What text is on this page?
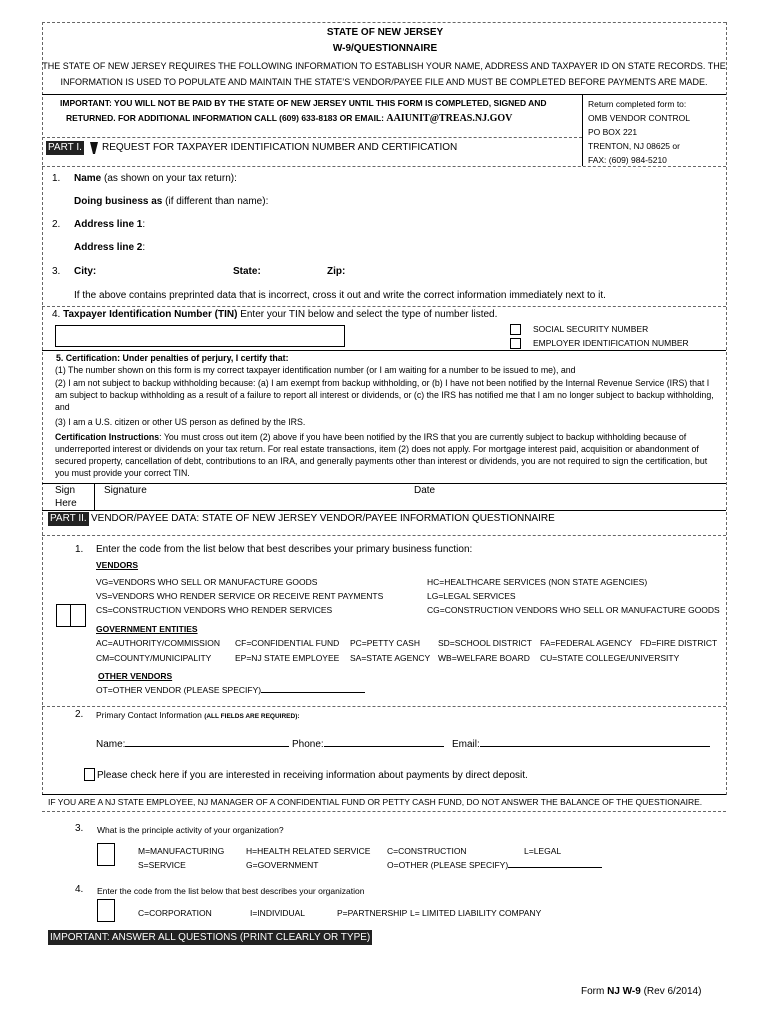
STATE OF NEW JERSEY
W-9/QUESTIONNAIRE
THE STATE OF NEW JERSEY REQUIRES THE FOLLOWING INFORMATION TO ESTABLISH YOUR NAME, ADDRESS AND TAXPAYER ID ON STATE RECORDS. THE
INFORMATION IS USED TO POPULATE AND MAINTAIN THE STATE’S VENDOR/PAYEE FILE AND MUST BE COMPLETED BEFORE PAYMENTS ARE MADE.
IMPORTANT: YOU WILL NOT BE PAID BY THE STATE OF NEW JERSEY UNTIL THIS FORM IS COMPLETED, SIGNED AND
RETURNED. FOR ADDITIONAL INFORMATION CALL (609) 633-8183 OR EMAIL: AAIUNIT@TREAS.NJ.GOV
Return completed form to:
OMB VENDOR CONTROL
PO BOX 221
TRENTON, NJ 08625 or
FAX: (609) 984-5210
PART I. REQUEST FOR TAXPAYER IDENTIFICATION NUMBER AND CERTIFICATION
1. Name (as shown on your tax return):
Doing business as (if different than name):
2. Address line 1:
Address line 2:
3. City:	State:	Zip:
If the above contains preprinted data that is incorrect, cross it out and write the correct information immediately next to it.
4. Taxpayer Identification Number (TIN) Enter your TIN below and select the type of number listed.
SOCIAL SECURITY NUMBER
EMPLOYER IDENTIFICATION NUMBER
5. Certification: Under penalties of perjury, I certify that:
(1) The number shown on this form is my correct taxpayer identification number (or I am waiting for a number to be issued to me), and
(2) I am not subject to backup withholding because: (a) I am exempt from backup withholding, or (b) I have not been notified by the Internal Revenue Service (IRS) that I am subject to backup withholding as a result of a failure to report all interest or dividends, or (c) the IRS has notified me that I am no longer subject to backup withholding, and
(3) I am a U.S. citizen or other US person as defined by the IRS.
Certification Instructions: You must cross out item (2) above if you have been notified by the IRS that you are currently subject to backup withholding because of underreported interest or dividends on your tax return. For real estate transactions, item (2) does not apply. For mortgage interest paid, acquisition or abandonment of secured property, cancellation of debt, contributions to an IRA, and generally payments other than interest or dividends, you are not required to sign the certification, but you must provide your correct TIN.
Sign
Here
Signature	Date
PART II. VENDOR/PAYEE DATA: STATE OF NEW JERSEY VENDOR/PAYEE INFORMATION QUESTIONNAIRE
1. Enter the code from the list below that best describes your primary business function:
VENDORS
VG=VENDORS WHO SELL OR MANUFACTURE GOODS	HC=HEALTHCARE SERVICES (NON STATE AGENCIES)
VS=VENDORS WHO RENDER SERVICE OR RECEIVE RENT PAYMENTS	LG=LEGAL SERVICES
CS=CONSTRUCTION VENDORS WHO RENDER SERVICES	CG=CONSTRUCTION VENDORS WHO SELL OR MANUFACTURE GOODS
GOVERNMENT ENTITIES
AC=AUTHORITY/COMMISSION CF=CONFIDENTIAL FUND PC=PETTY CASH SD=SCHOOL DISTRICT FA=FEDERAL AGENCY FD=FIRE DISTRICT
CM=COUNTY/MUNICIPALITY	EP=NJ STATE EMPLOYEE SA=STATE AGENCY WB=WELFARE BOARD CU=STATE COLLEGE/UNIVERSITY
OTHER VENDORS
OT=OTHER VENDOR (PLEASE SPECIFY)
2. Primary Contact Information (ALL FIELDS ARE REQUIRED):
Name:	Phone:	Email:
Please check here if you are interested in receiving information about payments by direct deposit.
IF YOU ARE A NJ STATE EMPLOYEE, NJ MANAGER OF A CONFIDENTIAL FUND OR PETTY CASH FUND, DO NOT ANSWER THE BALANCE OF THE QUESTIONAIRE.
3. What is the principle activity of your organization?
M=MANUFACTURING	H=HEALTH RELATED SERVICE C=CONSTRUCTION	L=LEGAL
S=SERVICE	G=GOVERNMENT	O=OTHER (PLEASE SPECIFY)
4. Enter the code from the list below that best describes your organization
C=CORPORATION	I=INDIVIDUAL	P=PARTNERSHIP L= LIMITED LIABILITY COMPANY
IMPORTANT: ANSWER ALL QUESTIONS (PRINT CLEARLY OR TYPE)
Form NJ W-9 (Rev 6/2014)
